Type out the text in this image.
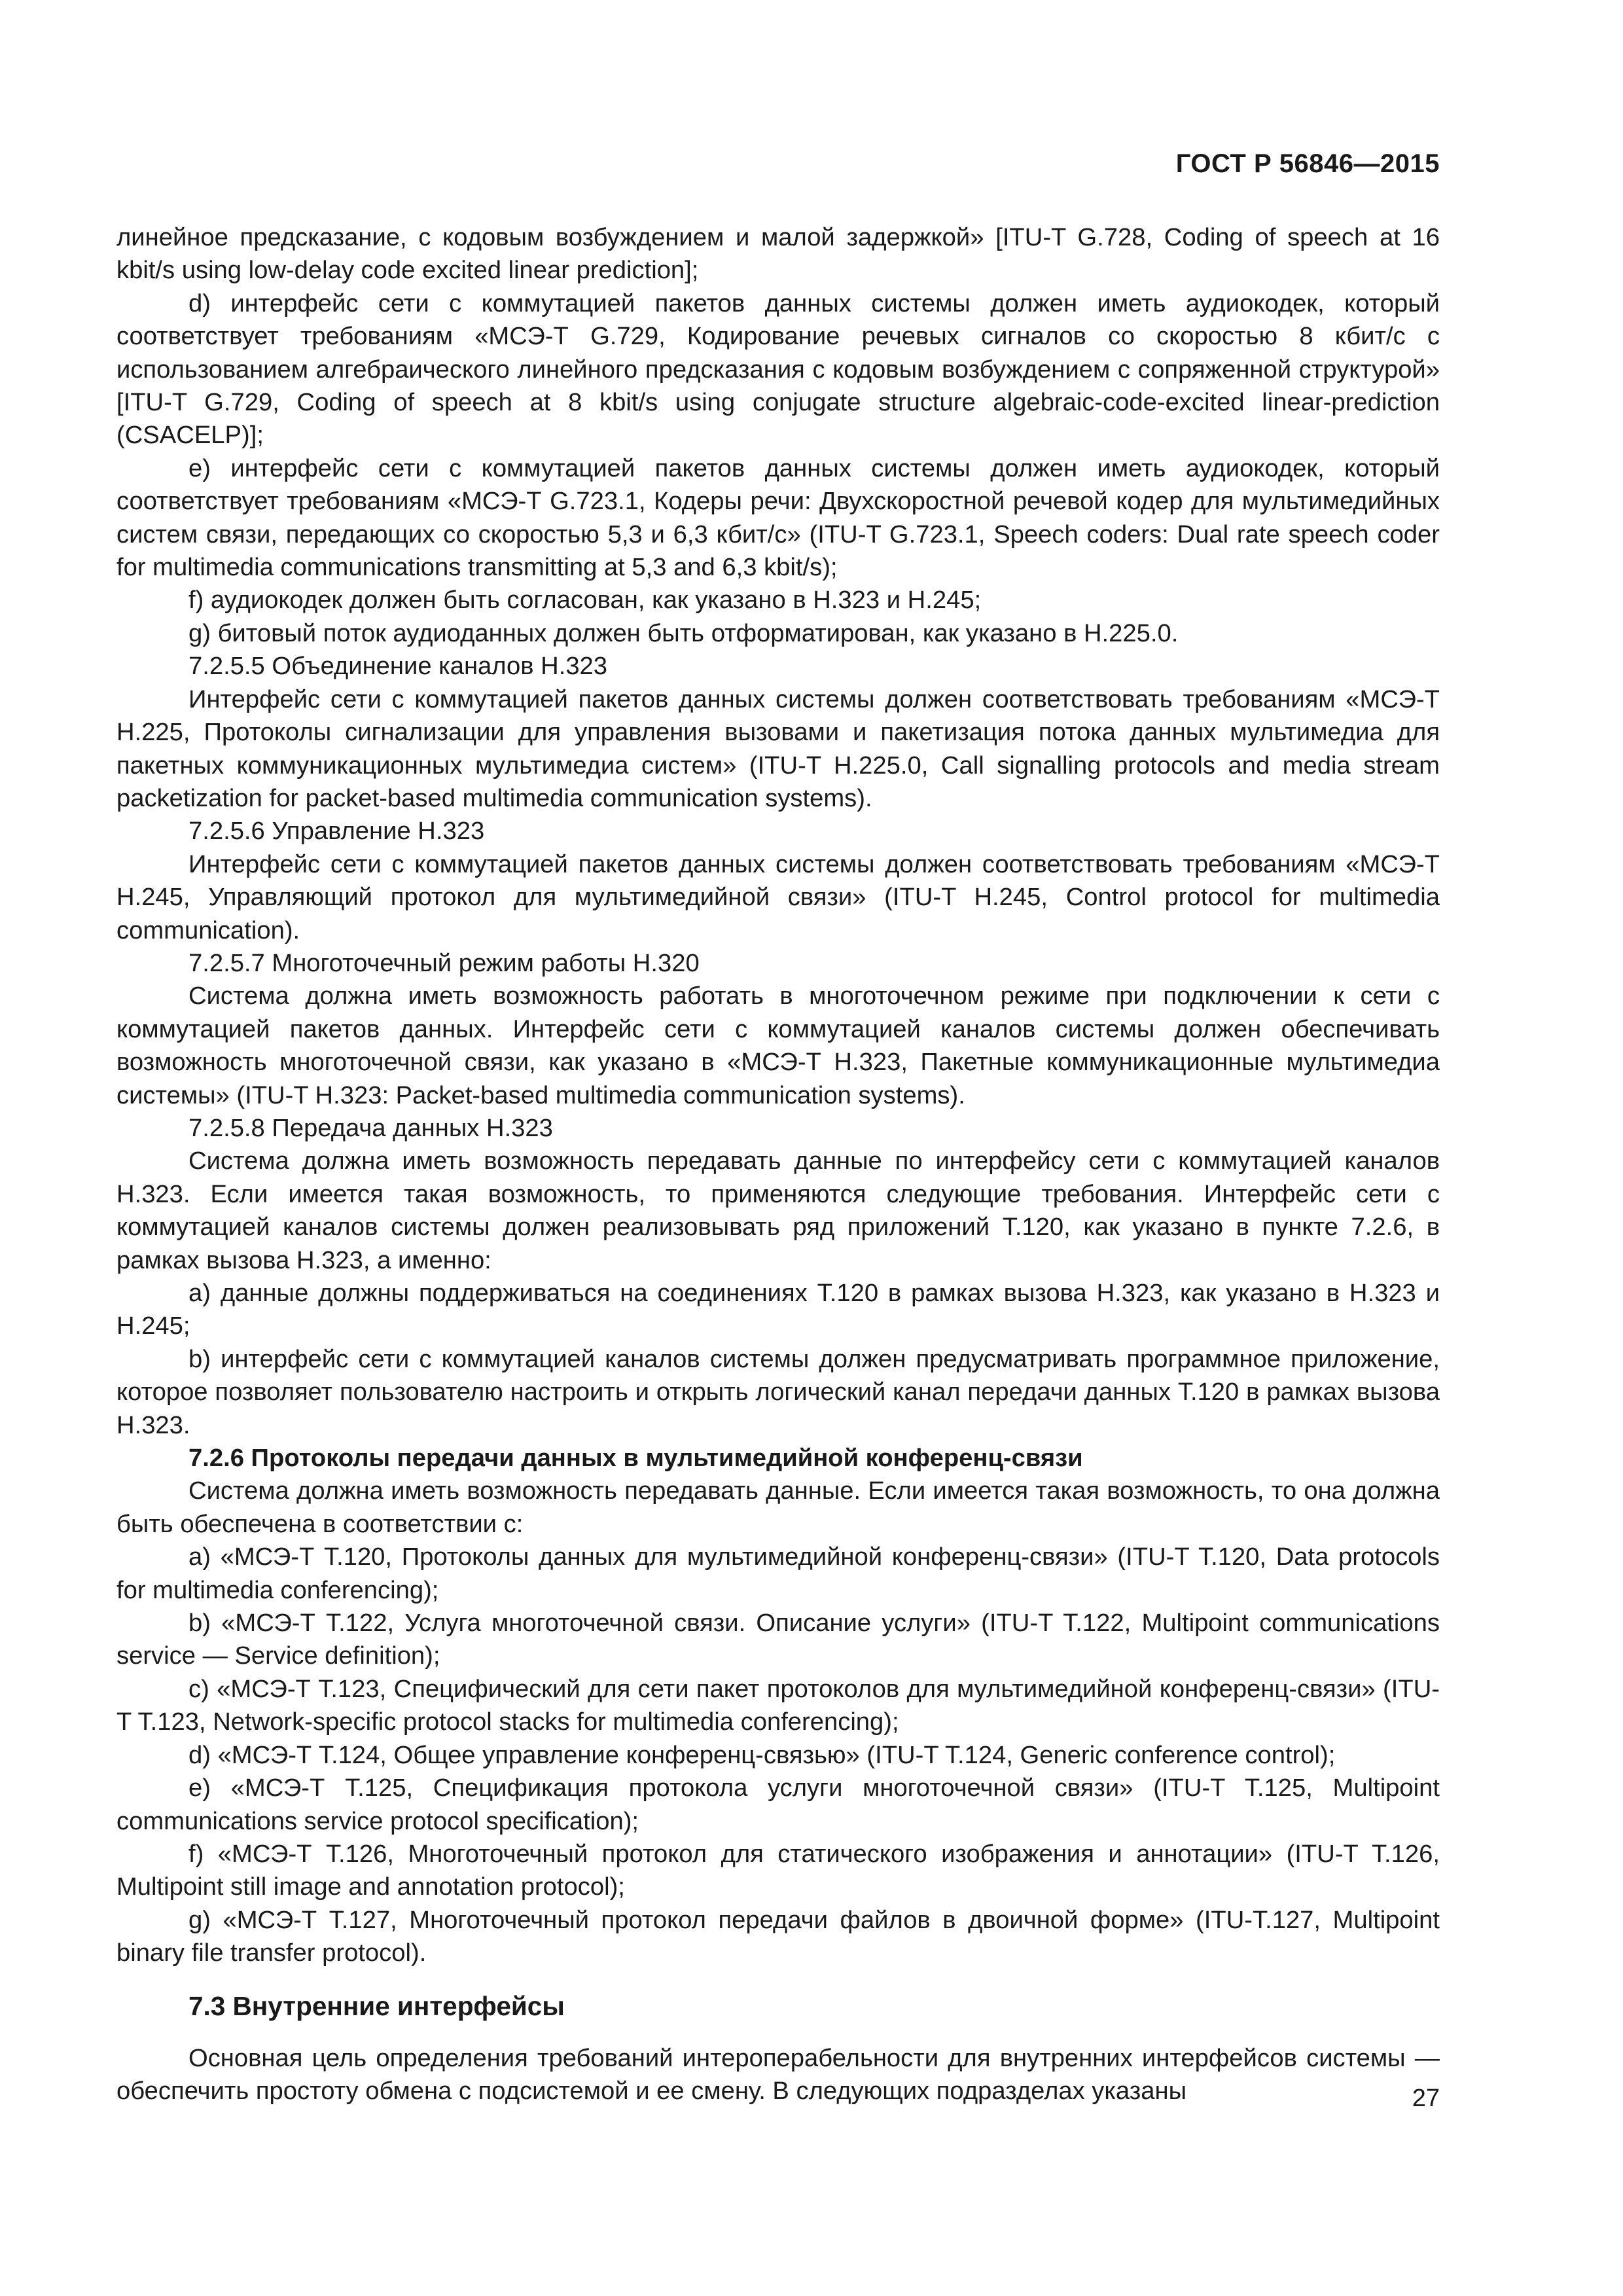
ГОСТ Р 56846—2015

линейное предсказание, с кодовым возбуждением и малой задержкой» [ITU-T G.728, Coding of speech at 16 kbit/s using low-delay code excited linear prediction];

d) интерфейс сети с коммутацией пакетов данных системы должен иметь аудиокодек, который соответствует требованиям «МСЭ-Т G.729, Кодирование речевых сигналов со скоростью 8 кбит/с с использованием алгебраического линейного предсказания с кодовым возбуждением с сопряженной структурой» [ITU-T G.729, Coding of speech at 8 kbit/s using conjugate structure algebraic-code-excited linear-prediction (CSACELP)];

e) интерфейс сети с коммутацией пакетов данных системы должен иметь аудиокодек, который соответствует требованиям «МСЭ-Т G.723.1, Кодеры речи: Двухскоростной речевой кодер для мультимедийных систем связи, передающих со скоростью 5,3 и 6,3 кбит/с» (ITU-T G.723.1, Speech coders: Dual rate speech coder for multimedia communications transmitting at 5,3 and 6,3 kbit/s);

f) аудиокодек должен быть согласован, как указано в H.323 и H.245;

g) битовый поток аудиоданных должен быть отформатирован, как указано в H.225.0.

7.2.5.5 Объединение каналов H.323

Интерфейс сети с коммутацией пакетов данных системы должен соответствовать требованиям «МСЭ-Т H.225, Протоколы сигнализации для управления вызовами и пакетизация потока данных мультимедиа для пакетных коммуникационных мультимедиа систем» (ITU-T H.225.0, Call signalling protocols and media stream packetization for packet-based multimedia communication systems).

7.2.5.6 Управление H.323

Интерфейс сети с коммутацией пакетов данных системы должен соответствовать требованиям «МСЭ-Т H.245, Управляющий протокол для мультимедийной связи» (ITU-T H.245, Control protocol for multimedia communication).

7.2.5.7 Многоточечный режим работы H.320

Система должна иметь возможность работать в многоточечном режиме при подключении к сети с коммутацией пакетов данных. Интерфейс сети с коммутацией каналов системы должен обеспечивать возможность многоточечной связи, как указано в «МСЭ-Т H.323, Пакетные коммуникационные мультимедиа системы» (ITU-T H.323: Packet-based multimedia communication systems).

7.2.5.8 Передача данных H.323

Система должна иметь возможность передавать данные по интерфейсу сети с коммутацией каналов H.323. Если имеется такая возможность, то применяются следующие требования. Интерфейс сети с коммутацией каналов системы должен реализовывать ряд приложений T.120, как указано в пункте 7.2.6, в рамках вызова H.323, а именно:

a) данные должны поддерживаться на соединениях T.120 в рамках вызова H.323, как указано в H.323 и H.245;

b) интерфейс сети с коммутацией каналов системы должен предусматривать программное приложение, которое позволяет пользователю настроить и открыть логический канал передачи данных T.120 в рамках вызова H.323.

7.2.6 Протоколы передачи данных в мультимедийной конференц-связи

Система должна иметь возможность передавать данные. Если имеется такая возможность, то она должна быть обеспечена в соответствии с:

a) «МСЭ-Т T.120, Протоколы данных для мультимедийной конференц-связи» (ITU-T T.120, Data protocols for multimedia conferencing);

b) «МСЭ-Т T.122, Услуга многоточечной связи. Описание услуги» (ITU-T T.122, Multipoint communications service — Service definition);

c) «МСЭ-Т T.123, Специфический для сети пакет протоколов для мультимедийной конференц-связи» (ITU-T T.123, Network-specific protocol stacks for multimedia conferencing);

d) «МСЭ-Т T.124, Общее управление конференц-связью» (ITU-T T.124, Generic conference control);

e) «МСЭ-Т T.125, Спецификация протокола услуги многоточечной связи» (ITU-T T.125, Multipoint communications service protocol specification);

f) «МСЭ-Т T.126, Многоточечный протокол для статического изображения и аннотации» (ITU-T T.126, Multipoint still image and annotation protocol);

g) «МСЭ-Т T.127, Многоточечный протокол передачи файлов в двоичной форме» (ITU-T.127, Multipoint binary file transfer protocol).

7.3 Внутренние интерфейсы

Основная цель определения требований интероперабельности для внутренних интерфейсов системы — обеспечить простоту обмена с подсистемой и ее смену. В следующих подразделах указаны	27
